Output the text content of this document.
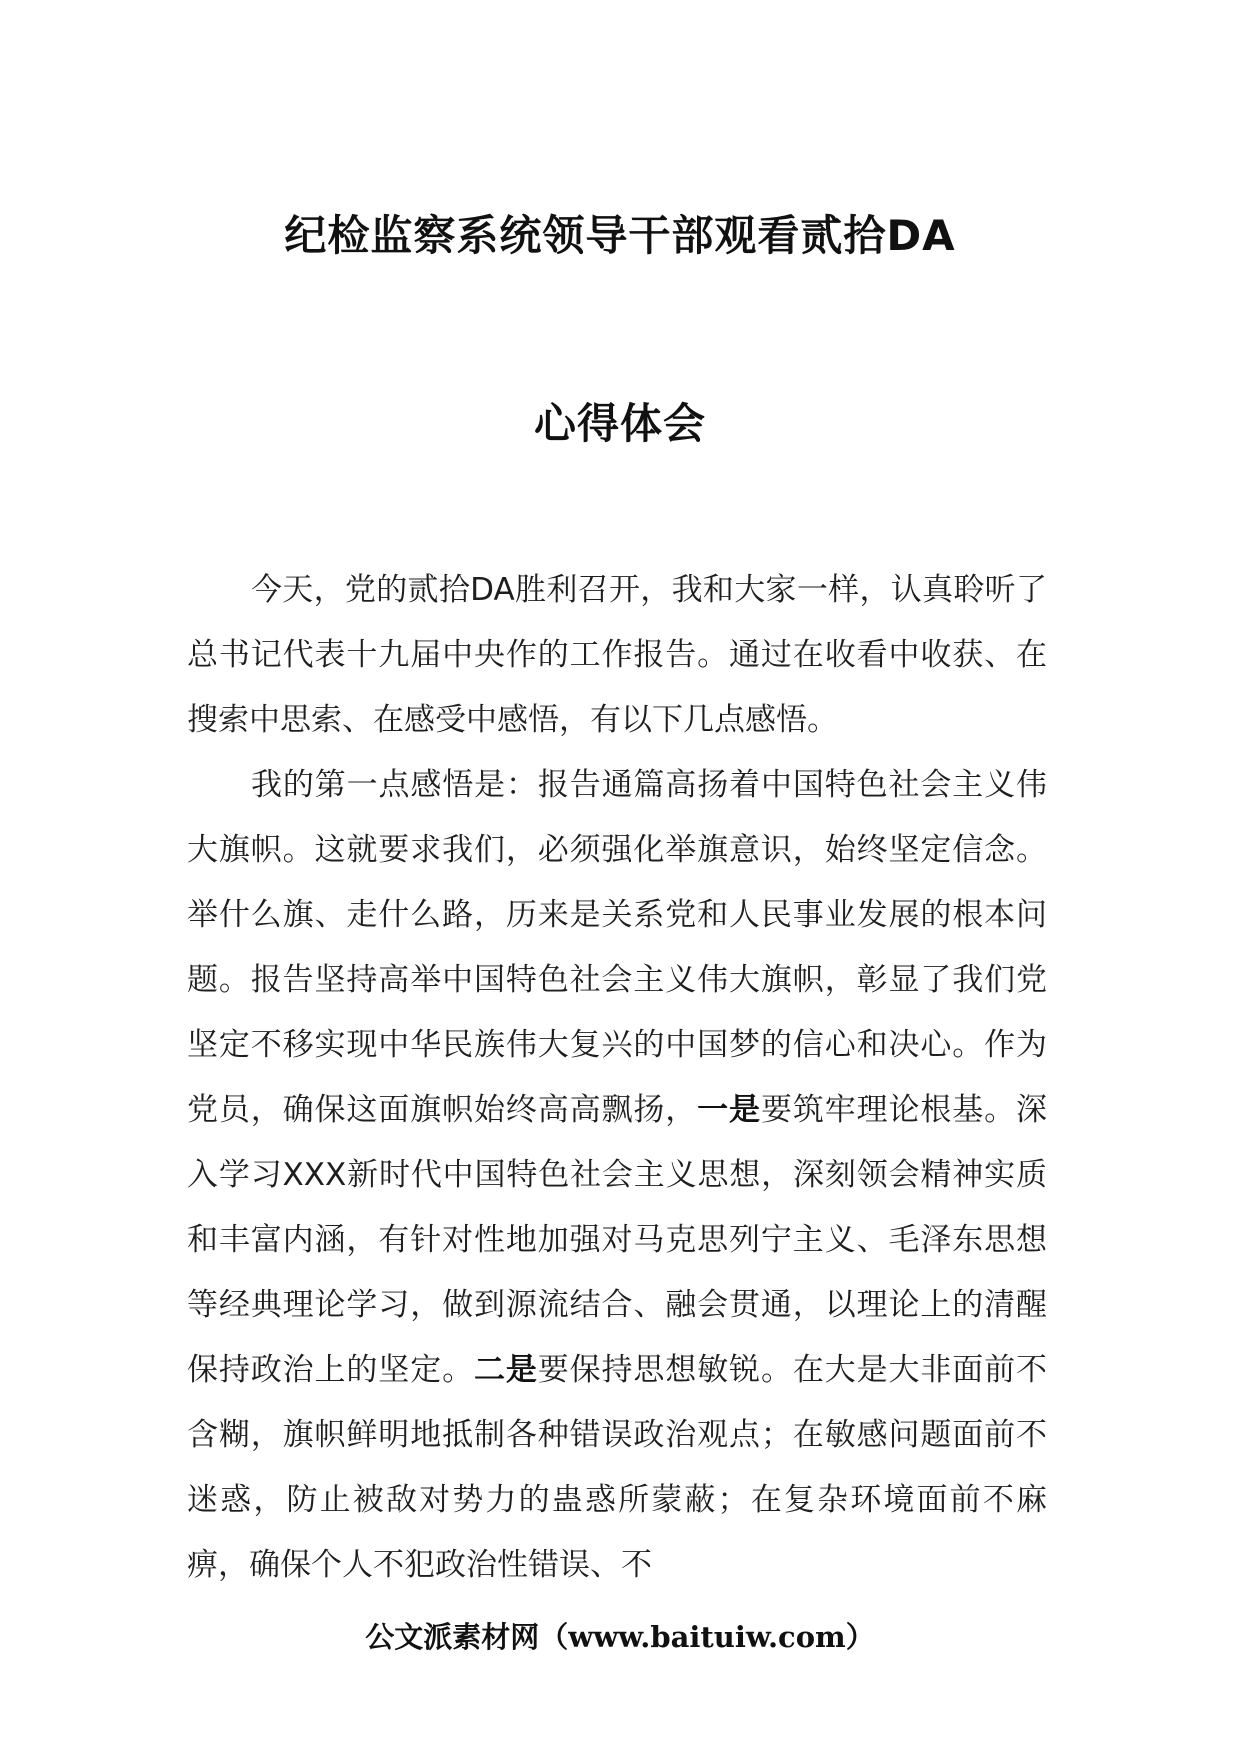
纪检监察系统领导干部观看贰拾DA
心得体会

今天，党的贰拾DA胜利召开，我和大家一样，认真聆听了总书记代表十九届中央作的工作报告。通过在收看中收获、在搜索中思索、在感受中感悟，有以下几点感悟。

我的第一点感悟是：报告通篇高扬着中国特色社会主义伟大旗帜。这就要求我们，必须强化举旗意识，始终坚定信念。举什么旗、走什么路，历来是关系党和人民事业发展的根本问题。报告坚持高举中国特色社会主义伟大旗帜，彰显了我们党坚定不移实现中华民族伟大复兴的中国梦的信心和决心。作为党员，确保这面旗帜始终高高飘扬，一是要筑牢理论根基。深入学习XXX新时代中国特色社会主义思想，深刻领会精神实质和丰富内涵，有针对性地加强对马克思列宁主义、毛泽东思想等经典理论学习，做到源流结合、融会贯通，以理论上的清醒保持政治上的坚定。二是要保持思想敏锐。在大是大非面前不含糊，旗帜鲜明地抵制各种错误政治观点；在敏感问题面前不迷惑，防止被敌对势力的蛊惑所蒙蔽；在复杂环境面前不麻痹，确保个人不犯政治性错误、不

公文派素材网（www.baituiw.com）
